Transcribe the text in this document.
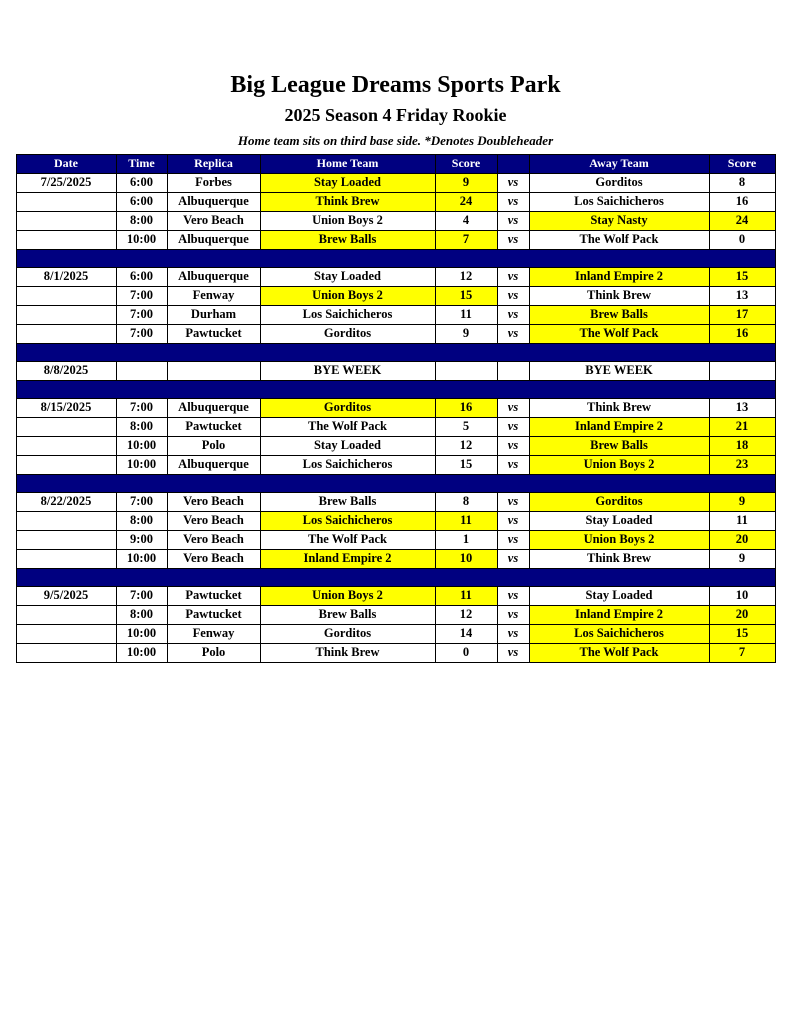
Big League Dreams Sports Park
2025 Season 4 Friday Rookie

Home team sits on third base side. *Denotes Doubleheader

Date	Time	Replica	Home Team	Score		Away Team	Score
7/25/2025	6:00	Forbes	Stay Loaded	9	vs	Gorditos	8
	6:00	Albuquerque	Think Brew	24	vs	Los Saichicheros	16
	8:00	Vero Beach	Union Boys 2	4	vs	Stay Nasty	24
	10:00	Albuquerque	Brew Balls	7	vs	The Wolf Pack	0

8/1/2025	6:00	Albuquerque	Stay Loaded	12	vs	Inland Empire 2	15
	7:00	Fenway	Union Boys 2	15	vs	Think Brew	13
	7:00	Durham	Los Saichicheros	11	vs	Brew Balls	17
	7:00	Pawtucket	Gorditos	9	vs	The Wolf Pack	16

8/8/2025			BYE WEEK			BYE WEEK	

8/15/2025	7:00	Albuquerque	Gorditos	16	vs	Think Brew	13
	8:00	Pawtucket	The Wolf Pack	5	vs	Inland Empire 2	21
	10:00	Polo	Stay Loaded	12	vs	Brew Balls	18
	10:00	Albuquerque	Los Saichicheros	15	vs	Union Boys 2	23

8/22/2025	7:00	Vero Beach	Brew Balls	8	vs	Gorditos	9
	8:00	Vero Beach	Los Saichicheros	11	vs	Stay Loaded	11
	9:00	Vero Beach	The Wolf Pack	1	vs	Union Boys 2	20
	10:00	Vero Beach	Inland Empire 2	10	vs	Think Brew	9

9/5/2025	7:00	Pawtucket	Union Boys 2	11	vs	Stay Loaded	10
	8:00	Pawtucket	Brew Balls	12	vs	Inland Empire 2	20
	10:00	Fenway	Gorditos	14	vs	Los Saichicheros	15
	10:00	Polo	Think Brew	0	vs	The Wolf Pack	7
